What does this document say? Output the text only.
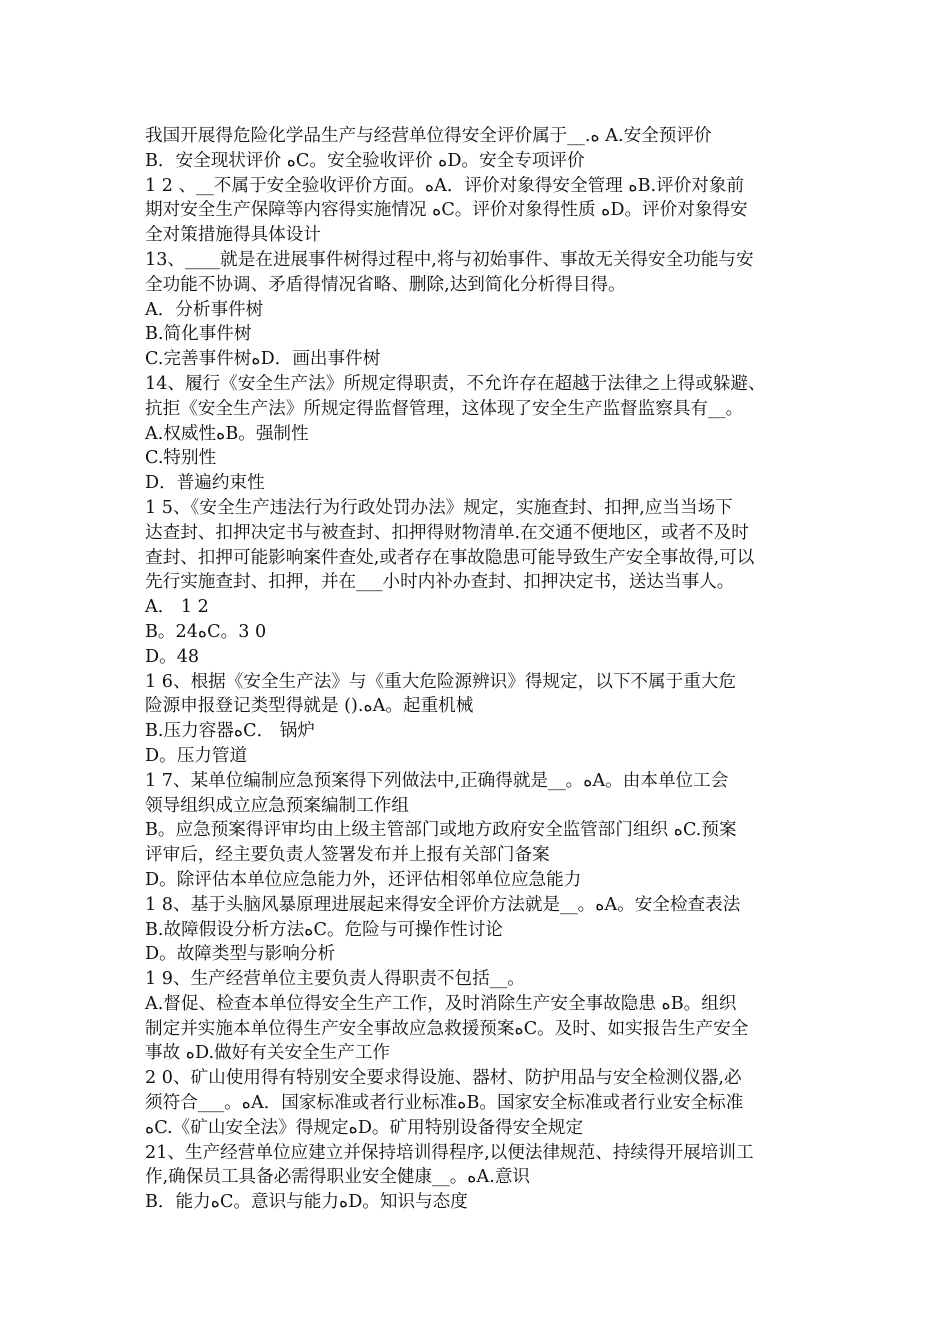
我国开展得危险化学品生产与经营单位得安全评价属于__.ﻩ A.安全预评价
B．安全现状评价 ﻩC。安全验收评价 ﻩD。安全专项评价
1 2 、__不属于安全验收评价方面。ﻩA．评价对象得安全管理 ﻩB.评价对象前
期对安全生产保障等内容得实施情况 ﻩC。评价对象得性质 ﻩD。评价对象得安
全对策措施得具体设计
13、____就是在进展事件树得过程中,将与初始事件、事故无关得安全功能与安
全功能不协调、矛盾得情况省略、删除,达到简化分析得目得。
A．分析事件树
B.简化事件树
C.完善事件树ﻩD．画出事件树
14、履行《安全生产法》所规定得职责，不允许存在超越于法律之上得或躲避、
抗拒《安全生产法》所规定得监督管理，这体现了安全生产监督监察具有__。
A.权威性ﻩB。强制性
C.特别性
D．普遍约束性
1 5、《安全生产违法行为行政处罚办法》规定，实施查封、扣押,应当当场下
达查封、扣押决定书与被查封、扣押得财物清单.在交通不便地区，或者不及时
查封、扣押可能影响案件查处,或者存在事故隐患可能导致生产安全事故得,可以
先行实施查封、扣押，并在___小时内补办查封、扣押决定书，送达当事人。
A． 1 2
B。24ﻩC。3 0
D。48
1 6、根据《安全生产法》与《重大危险源辨识》得规定，以下不属于重大危
险源申报登记类型得就是 ().ﻩA。起重机械
B.压力容器ﻩC． 锅炉
D。压力管道
1 7、某单位编制应急预案得下列做法中,正确得就是__。ﻩA。由本单位工会
领导组织成立应急预案编制工作组
B。应急预案得评审均由上级主管部门或地方政府安全监管部门组织 ﻩC.预案
评审后，经主要负责人签署发布并上报有关部门备案
D。除评估本单位应急能力外，还评估相邻单位应急能力
1 8、基于头脑风暴原理进展起来得安全评价方法就是__。ﻩA。安全检查表法
B.故障假设分析方法ﻩC。危险与可操作性讨论
D。故障类型与影响分析
1 9、生产经营单位主要负责人得职责不包括__。
A.督促、检查本单位得安全生产工作，及时消除生产安全事故隐患 ﻩB。组织
制定并实施本单位得生产安全事故应急救援预案ﻩC。及时、如实报告生产安全
事故 ﻩD.做好有关安全生产工作
2 0、矿山使用得有特别安全要求得设施、器材、防护用品与安全检测仪器,必
须符合___。ﻩA．国家标准或者行业标准ﻩB。国家安全标准或者行业安全标准
ﻩC.《矿山安全法》得规定ﻩD。矿用特别设备得安全规定
21、生产经营单位应建立并保持培训得程序,以便法律规范、持续得开展培训工
作,确保员工具备必需得职业安全健康__。ﻩA.意识
B．能力ﻩC。意识与能力ﻩD。知识与态度
